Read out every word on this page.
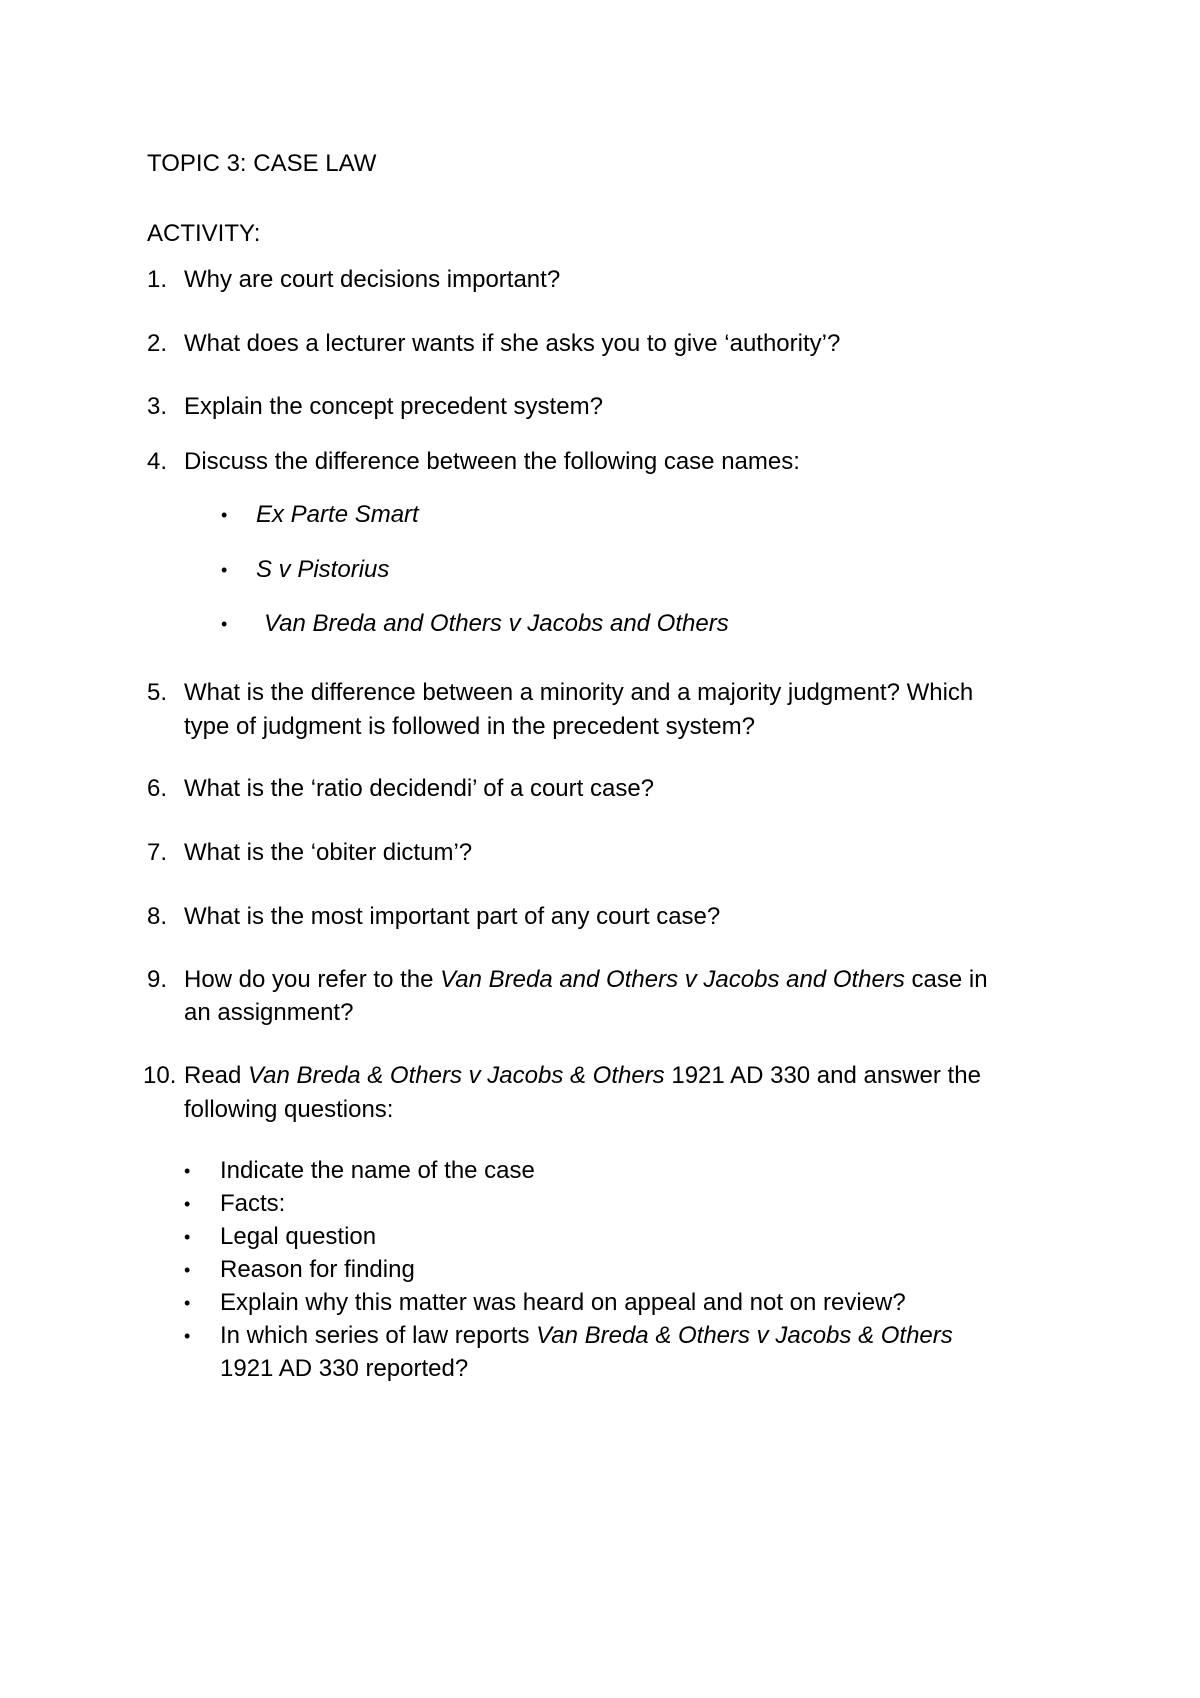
TOPIC 3: CASE LAW
ACTIVITY:
1. Why are court decisions important?
2. What does a lecturer wants if she asks you to give ‘authority’?
3. Explain the concept precedent system?
4. Discuss the difference between the following case names:
• Ex Parte Smart
• S v Pistorius
• Van Breda and Others v Jacobs and Others
5. What is the difference between a minority and a majority judgment? Which
type of judgment is followed in the precedent system?
6. What is the ‘ratio decidendi’ of a court case?
7. What is the ‘obiter dictum’?
8. What is the most important part of any court case?
9. How do you refer to the Van Breda and Others v Jacobs and Others case in
an assignment?
10. Read Van Breda & Others v Jacobs & Others 1921 AD 330 and answer the
following questions:
• Indicate the name of the case
• Facts:
• Legal question
• Reason for finding
• Explain why this matter was heard on appeal and not on review?
• In which series of law reports Van Breda & Others v Jacobs & Others
1921 AD 330 reported?
